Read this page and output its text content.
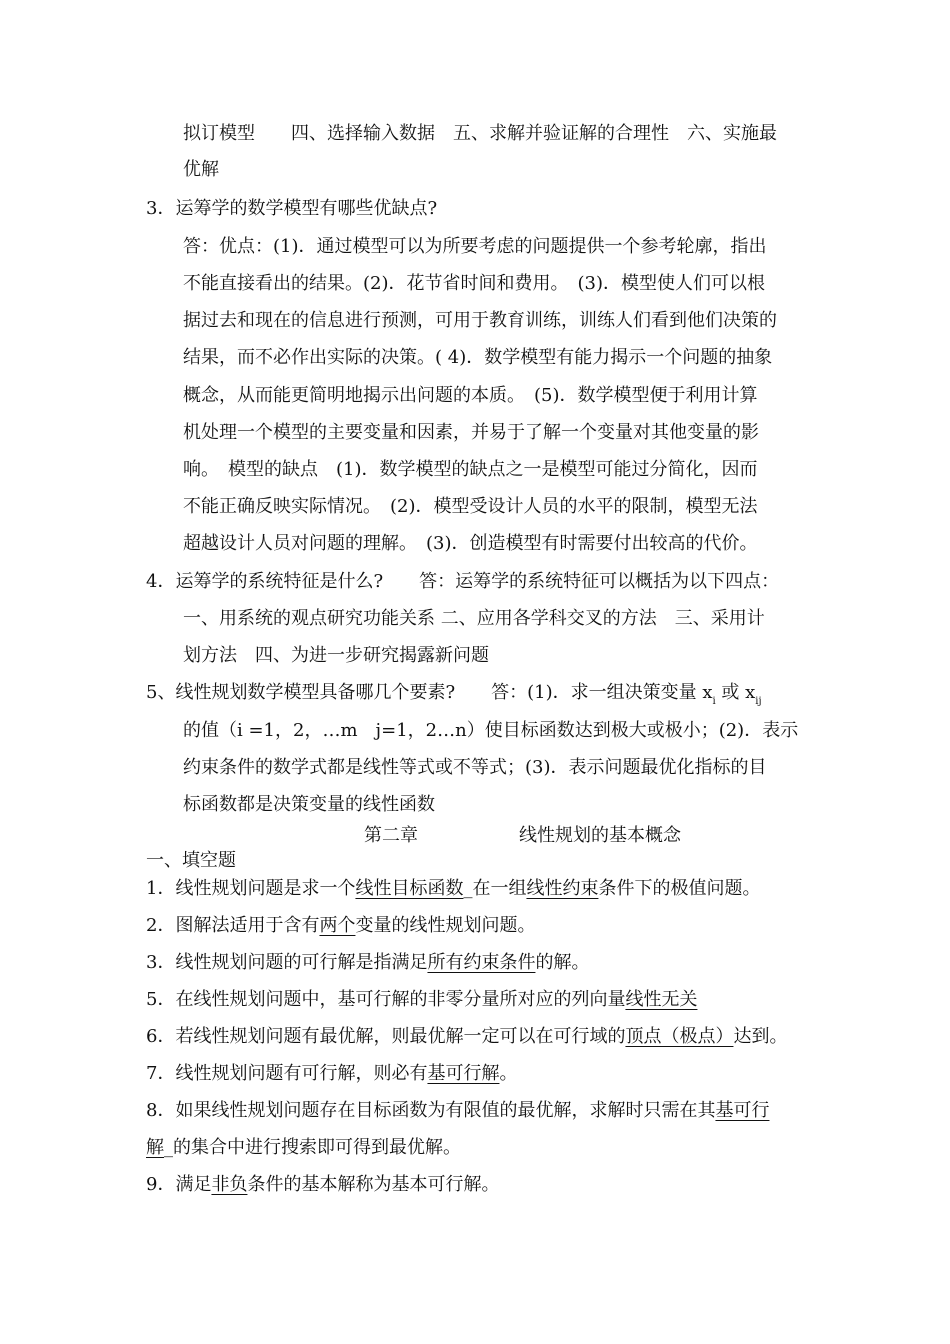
拟订模型　　四、选择输入数据　五、求解并验证解的合理性　六、实施最
优解
3．运筹学的数学模型有哪些优缺点?
答：优点：(1)．通过模型可以为所要考虑的问题提供一个参考轮廓，指出
不能直接看出的结果。(2)．花节省时间和费用。　(3)．模型使人们可以根
据过去和现在的信息进行预测，可用于教育训练，训练人们看到他们决策的
结果，而不必作出实际的决策。( 4)．数学模型有能力揭示一个问题的抽象
概念，从而能更简明地揭示出问题的本质。　(5)．数学模型便于利用计算
机处理一个模型的主要变量和因素，并易于了解一个变量对其他变量的影
响。　模型的缺点　(1)．数学模型的缺点之一是模型可能过分简化，因而
不能正确反映实际情况。　(2)．模型受设计人员的水平的限制，模型无法
超越设计人员对问题的理解。　(3)．创造模型有时需要付出较高的代价。
4．运筹学的系统特征是什么?　　答：运筹学的系统特征可以概括为以下四点：
一、用系统的观点研究功能关系 二、应用各学科交叉的方法　三、采用计
划方法　四、为进一步研究揭露新问题
5、线性规划数学模型具备哪几个要素?　　答：(1)．求一组决策变量 $x_i$ 或 $x_{ij}$
的值（i =1，2，…m　j=1，2…n）使目标函数达到极大或极小；(2)．表示
约束条件的数学式都是线性等式或不等式；(3)．表示问题最优化指标的目
标函数都是决策变量的线性函数
第二章	线性规划的基本概念
一、填空题
1．线性规划问题是求一个线性目标函数_在一组线性约束条件下的极值问题。
2．图解法适用于含有两个变量的线性规划问题。
3．线性规划问题的可行解是指满足所有约束条件的解。
5．在线性规划问题中，基可行解的非零分量所对应的列向量线性无关
6．若线性规划问题有最优解，则最优解一定可以在可行域的顶点（极点）达到。
7．线性规划问题有可行解，则必有基可行解。
8．如果线性规划问题存在目标函数为有限值的最优解，求解时只需在其基可行
解_的集合中进行搜索即可得到最优解。
9．满足非负条件的基本解称为基本可行解。
